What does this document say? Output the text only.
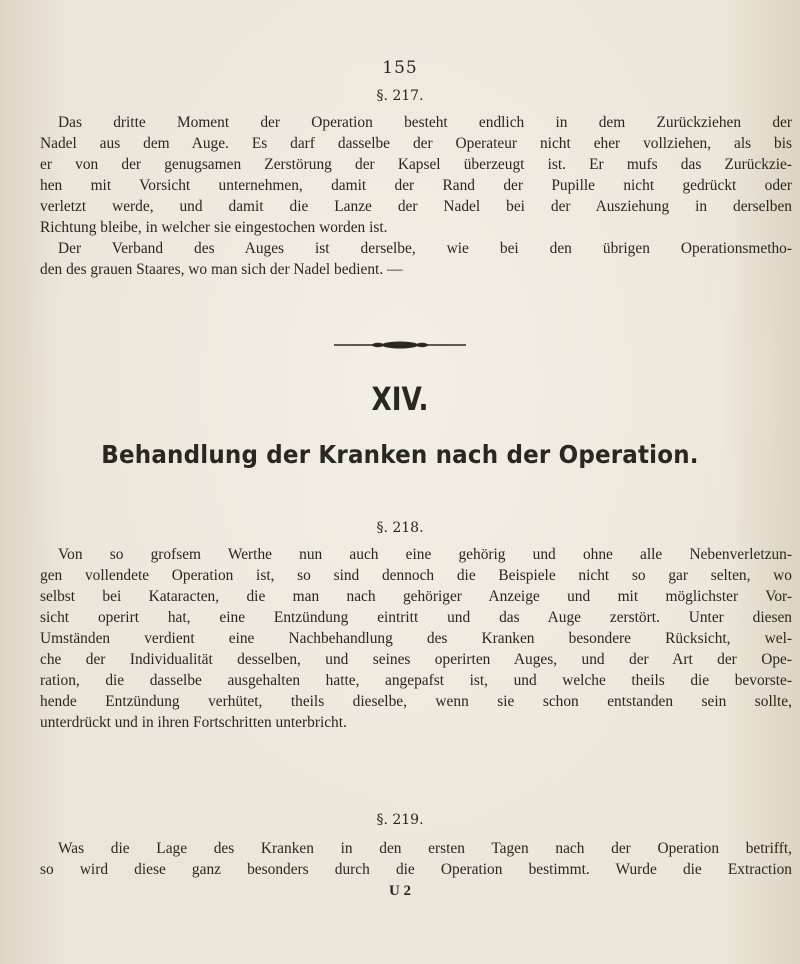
155
§. 217.

Das dritte Moment der Operation besteht endlich in dem Zurückziehen der
Nadel aus dem Auge. Es darf dasselbe der Operateur nicht eher vollziehen, als bis
er von der genugsamen Zerstörung der Kapsel überzeugt ist. Er mufs das Zurückzie-
hen mit Vorsicht unternehmen, damit der Rand der Pupille nicht gedrückt oder
verletzt werde, und damit die Lanze der Nadel bei der Ausziehung in derselben
Richtung bleibe, in welcher sie eingestochen worden ist.
Der Verband des Auges ist derselbe, wie bei den übrigen Operationsmetho-
den des grauen Staares, wo man sich der Nadel bedient. —

XIV.
Behandlung der Kranken nach der Operation.
§. 218.

Von so grofsem Werthe nun auch eine gehörig und ohne alle Nebenverletzun-
gen vollendete Operation ist, so sind dennoch die Beispiele nicht so gar selten, wo
selbst bei Kataracten, die man nach gehöriger Anzeige und mit möglichster Vor-
sicht operirt hat, eine Entzündung eintritt und das Auge zerstört. Unter diesen
Umständen verdient eine Nachbehandlung des Kranken besondere Rücksicht, wel-
che der Individualität desselben, und seines operirten Auges, und der Art der Ope-
ration, die dasselbe ausgehalten hatte, angepafst ist, und welche theils die bevorste-
hende Entzündung verhütet, theils dieselbe, wenn sie schon entstanden sein sollte,
unterdrückt und in ihren Fortschritten unterbricht.

§. 219.

Was die Lage des Kranken in den ersten Tagen nach der Operation betrifft,
so wird diese ganz besonders durch die Operation bestimmt. Wurde die Extraction

U 2
